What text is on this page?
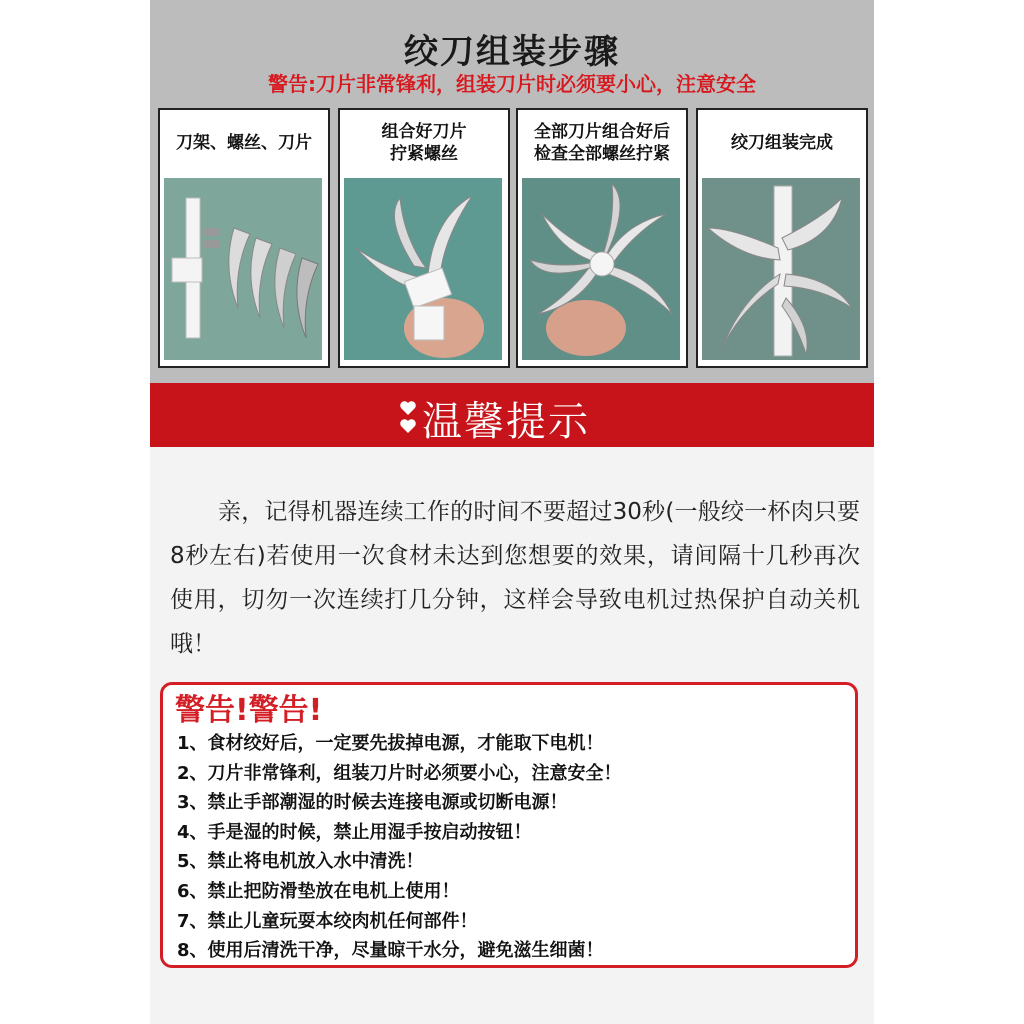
绞刀组装步骤
警告:刀片非常锋利，组装刀片时必须要小心，注意安全
刀架、螺丝、刀片
组合好刀片
拧紧螺丝
全部刀片组合好后
检查全部螺丝拧紧
绞刀组装完成
温馨提示
亲，记得机器连续工作的时间不要超过30秒(一般绞一杯肉只要8秒左右)若使用一次食材未达到您想要的效果，请间隔十几秒再次使用，切勿一次连续打几分钟，这样会导致电机过热保护自动关机哦！
警告!警告!
1、食材绞好后，一定要先拔掉电源，才能取下电机！
2、刀片非常锋利，组装刀片时必须要小心，注意安全！
3、禁止手部潮湿的时候去连接电源或切断电源！
4、手是湿的时候，禁止用湿手按启动按钮！
5、禁止将电机放入水中清洗！
6、禁止把防滑垫放在电机上使用！
7、禁止儿童玩耍本绞肉机任何部件！
8、使用后清洗干净，尽量晾干水分，避免滋生细菌！
